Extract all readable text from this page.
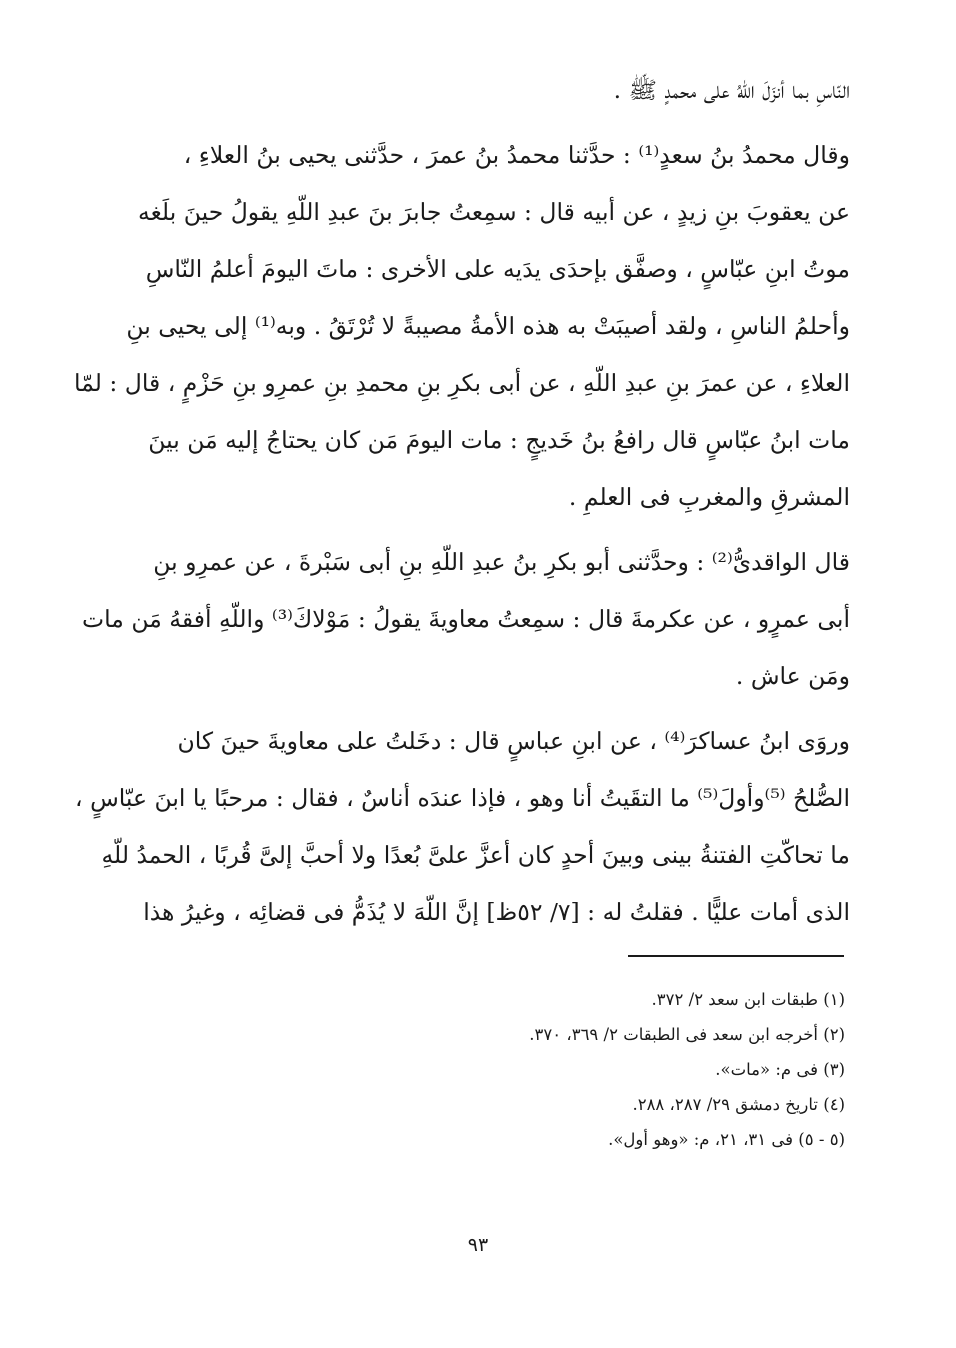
النّاسِ بما أنزَلَ اللّهُ على محمدٍ ﷺ .
وقال محمدُ بنُ سعدٍ⁽¹⁾ : حدَّثنا محمدُ بنُ عمرَ ، حدَّثنى يحيى بنُ العلاءِ ،
عن يعقوبَ بنِ زيدٍ ، عن أبيه قال : سمِعتُ جابرَ بنَ عبدِ اللّهِ يقولُ حينَ بلَغه
موتُ ابنِ عبّاسٍ ، وصفَّق بإحدَى يدَيه على الأخرى : ماتَ اليومَ أعلمُ النّاسِ
وأحلمُ الناسِ ، ولقد أصيبَتْ به هذه الأمةُ مصيبةً لا تُرْتَقُ . وبه⁽¹⁾ إلى يحيى بنِ
العلاءِ ، عن عمرَ بنِ عبدِ اللّهِ ، عن أبى بكرِ بنِ محمدِ بنِ عمرِو بنِ حَزْمٍ ، قال : لمّا
مات ابنُ عبّاسٍ قال رافعُ بنُ خَديجٍ : مات اليومَ مَن كان يحتاجُ إليه مَن بينَ
المشرقِ والمغربِ فى العلمِ .
قال الواقدىُّ⁽²⁾ : وحدَّثنى أبو بكرِ بنُ عبدِ اللّهِ بنِ أبى سَبْرةَ ، عن عمرِو بنِ
أبى عمرٍو ، عن عكرمةَ قال : سمِعتُ معاويةَ يقولُ : مَوْلاكَ⁽³⁾ واللّهِ أفقهُ مَن مات
ومَن عاش .
وروَى ابنُ عساكرَ⁽⁴⁾ ، عن ابنِ عباسٍ قال : دخَلتُ على معاويةَ حينَ كان
الصُّلحُ ⁽⁵⁾وأولَ⁽⁵⁾ ما التقَيتُ أنا وهو ، فإذا عندَه أناسٌ ، فقال : مرحبًا يا ابنَ عبّاسٍ ،
ما تحاكّتِ الفتنةُ بينى وبينَ أحدٍ كان أعزَّ علىَّ بُعدًا ولا أحبَّ إلىَّ قُربًا ، الحمدُ للّهِ
الذى أمات عليًّا . فقلتُ له : [٧/ ٥٢ظ] إنَّ اللّهَ لا يُذَمُّ فى قضائِه ، وغيرُ هذا
(١) طبقات ابن سعد ٢/ ٣٧٢.
(٢) أخرجه ابن سعد فى الطبقات ٢/ ٣٦٩، ٣٧٠.
(٣) فى م: «مات».
(٤) تاريخ دمشق ٢٩/ ٢٨٧، ٢٨٨.
(٥ - ٥) فى ٣١، ٢١، م: «وهو أول».
٩٣
